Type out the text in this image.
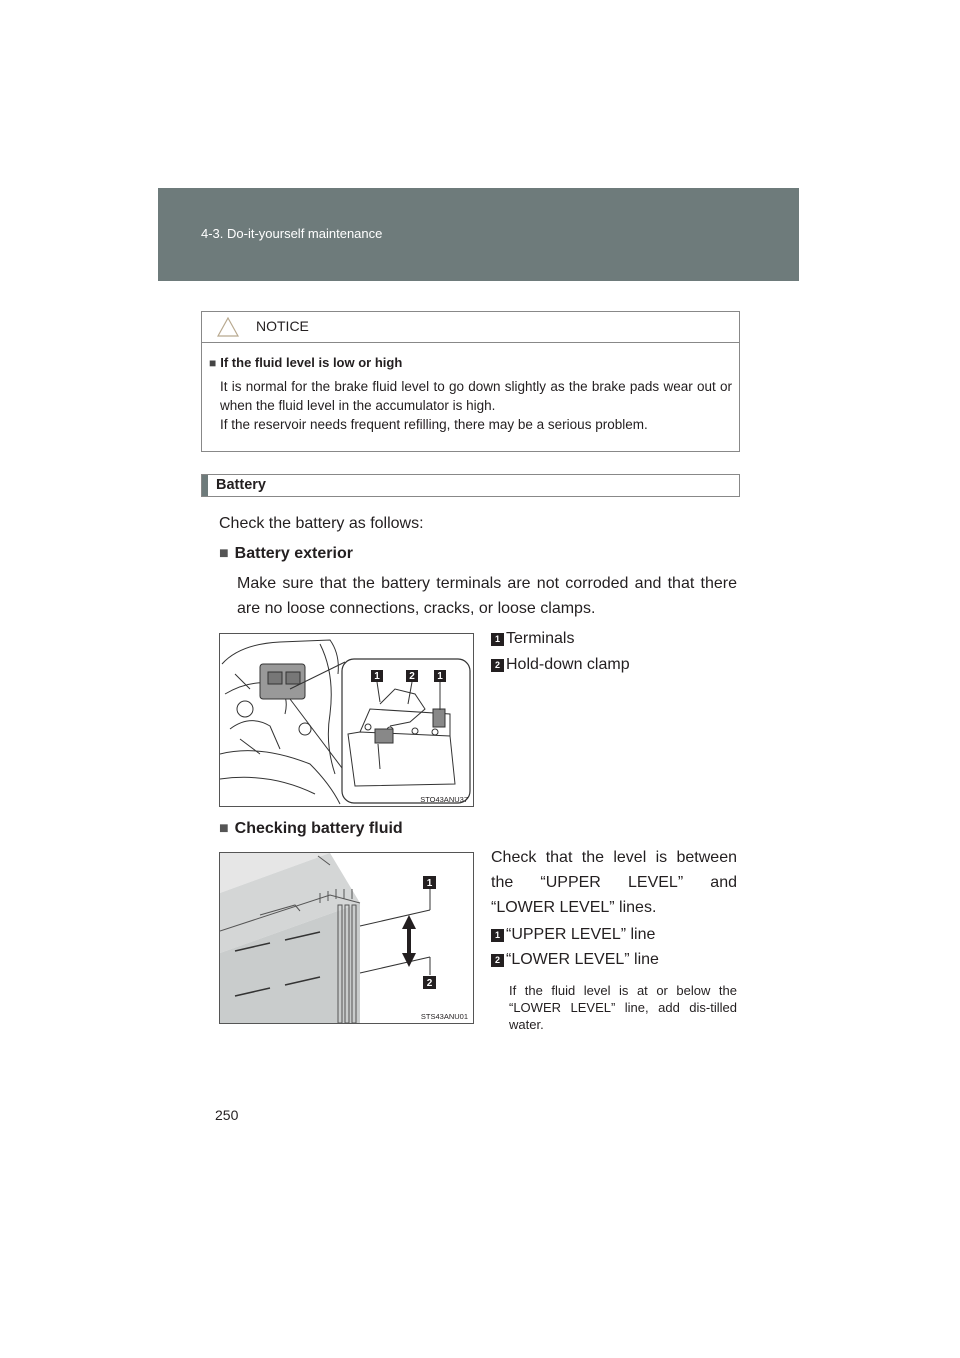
4-3. Do-it-yourself maintenance
NOTICE
■ If the fluid level is low or high

It is normal for the brake fluid level to go down slightly as the brake pads wear out or when the fluid level in the accumulator is high.

If the reservoir needs frequent refilling, there may be a serious problem.

Battery
Check the battery as follows:
■ Battery exterior

Make sure that the battery terminals are not corroded and that there are no loose connections, cracks, or loose clamps.

1	2 1
STO43ANU37
1 Terminals
2 Hold-down clamp
■ Checking battery fluid
1
2
STS43ANU01

Check that the level is between the “UPPER LEVEL” and “LOWER LEVEL” lines.

1 “UPPER LEVEL” line
2 “LOWER LEVEL” line

If the fluid level is at or below the “LOWER LEVEL” line, add dis-tilled water.

250
